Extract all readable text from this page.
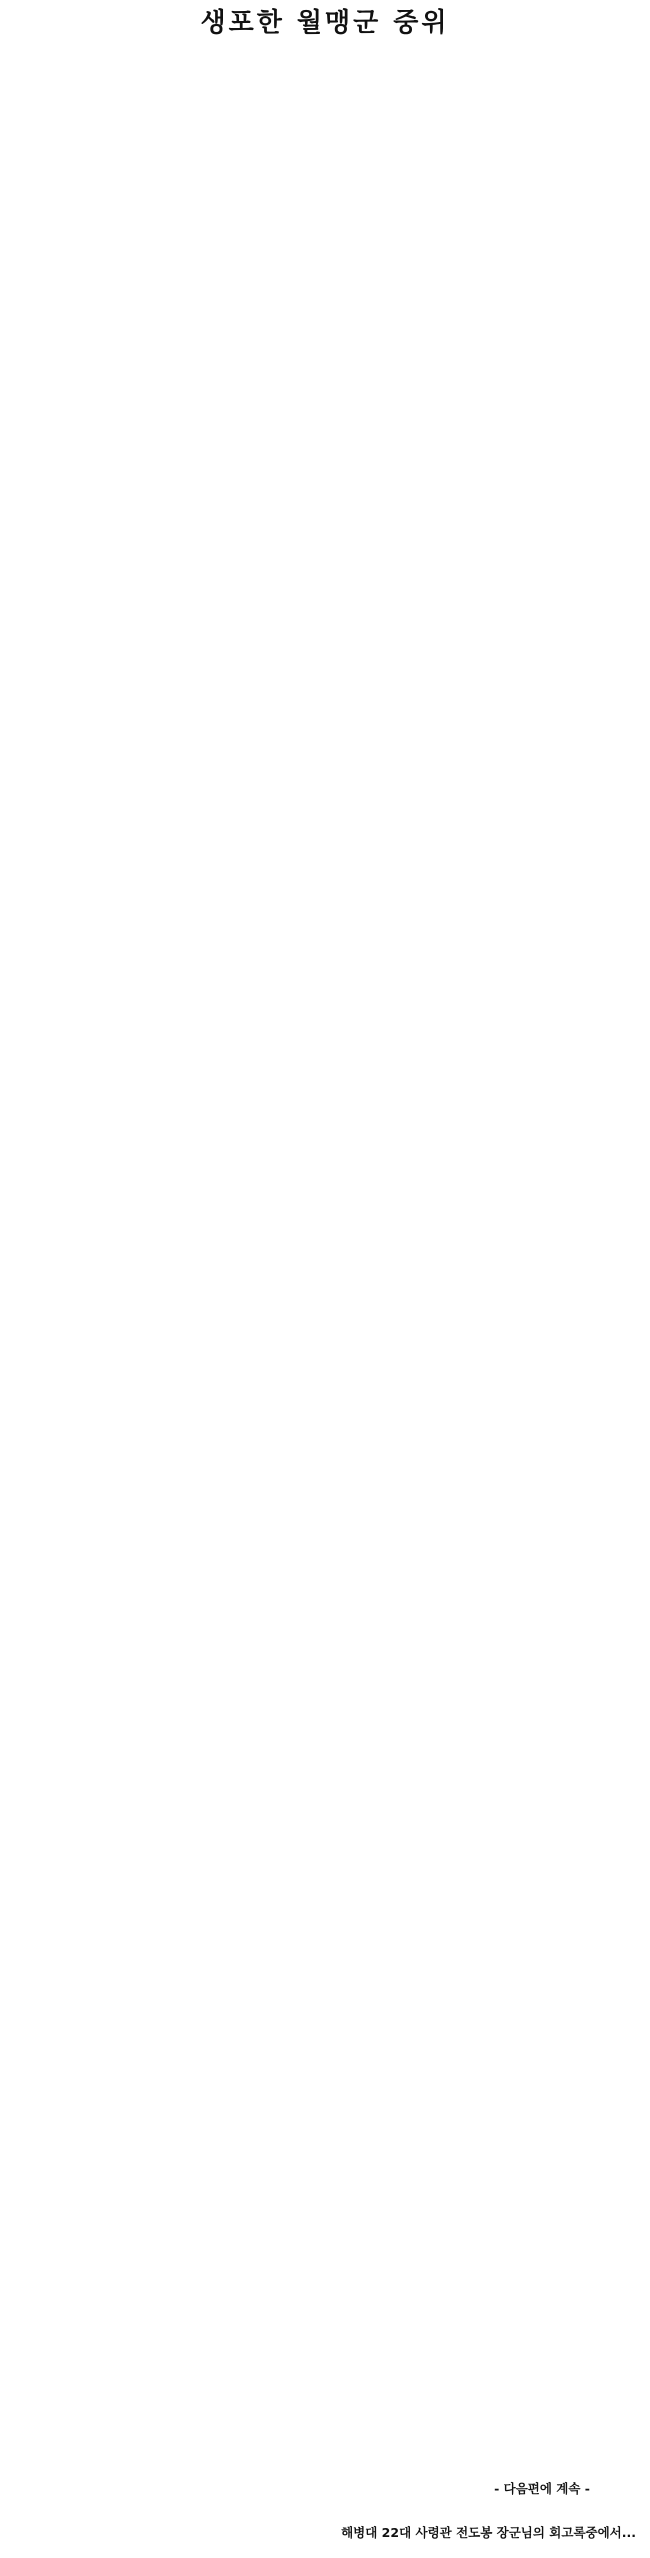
생포한 월맹군 중위

- 다음편에 계속 -

해병대 22대 사령관 전도봉 장군님의 회고록중에서...
